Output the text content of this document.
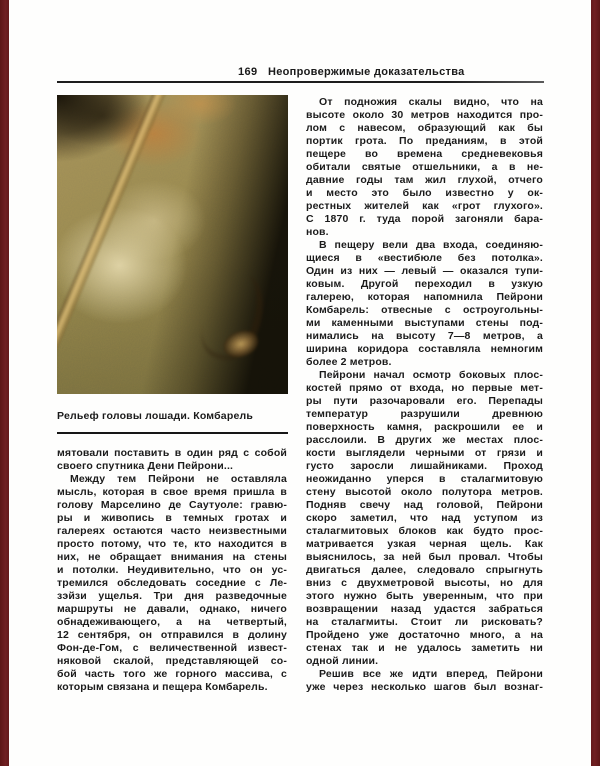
169 Неопровержимые доказательства
Рельеф головы лошади. Комбарель
мятовали поставить в один ряд с собой
своего спутника Дени Пейрони...
Между тем Пейрони не оставляла
мысль, которая в свое время пришла в
голову Марселино де Саутуоле: гравю-
ры и живопись в темных гротах и
галереях остаются часто неизвестными
просто потому, что те, кто находится в
них, не обращает внимания на стены
и потолки. Неудивительно, что он ус-
тремился обследовать соседние с Ле-
зэйзи ущелья. Три дня разведочные
маршруты не давали, однако, ничего
обнадеживающего, а на четвертый,
12 сентября, он отправился в долину
Фон-де-Гом, с величественной извест-
няковой скалой, представляющей со-
бой часть того же горного массива, с
которым связана и пещера Комбарель.
От подножия скалы видно, что на
высоте около 30 метров находится про-
лом с навесом, образующий как бы
портик грота. По преданиям, в этой
пещере во времена средневековья
обитали святые отшельники, а в не-
давние годы там жил глухой, отчего
и место это было известно у ок-
рестных жителей как «грот глухого».
С 1870 г. туда порой загоняли бара-
нов.
В пещеру вели два входа, соединяю-
щиеся в «вестибюле без потолка».
Один из них — левый — оказался тупи-
ковым. Другой переходил в узкую
галерею, которая напомнила Пейрони
Комбарель: отвесные с остроугольны-
ми каменными выступами стены под-
нимались на высоту 7—8 метров, а
ширина коридора составляла немногим
более 2 метров.
Пейрони начал осмотр боковых плос-
костей прямо от входа, но первые мет-
ры пути разочаровали его. Перепады
температур разрушили древнюю
поверхность камня, раскрошили ее и
расслоили. В других же местах плос-
кости выглядели черными от грязи и
густо заросли лишайниками. Проход
неожиданно уперся в сталагмитовую
стену высотой около полутора метров.
Подняв свечу над головой, Пейрони
скоро заметил, что над уступом из
сталагмитовых блоков как будто прос-
матривается узкая черная щель. Как
выяснилось, за ней был провал. Чтобы
двигаться далее, следовало спрыгнуть
вниз с двухметровой высоты, но для
этого нужно быть уверенным, что при
возвращении назад удастся забраться
на сталагмиты. Стоит ли рисковать?
Пройдено уже достаточно много, а на
стенах так и не удалось заметить ни
одной линии.
Решив все же идти вперед, Пейрони
уже через несколько шагов был вознаг-
